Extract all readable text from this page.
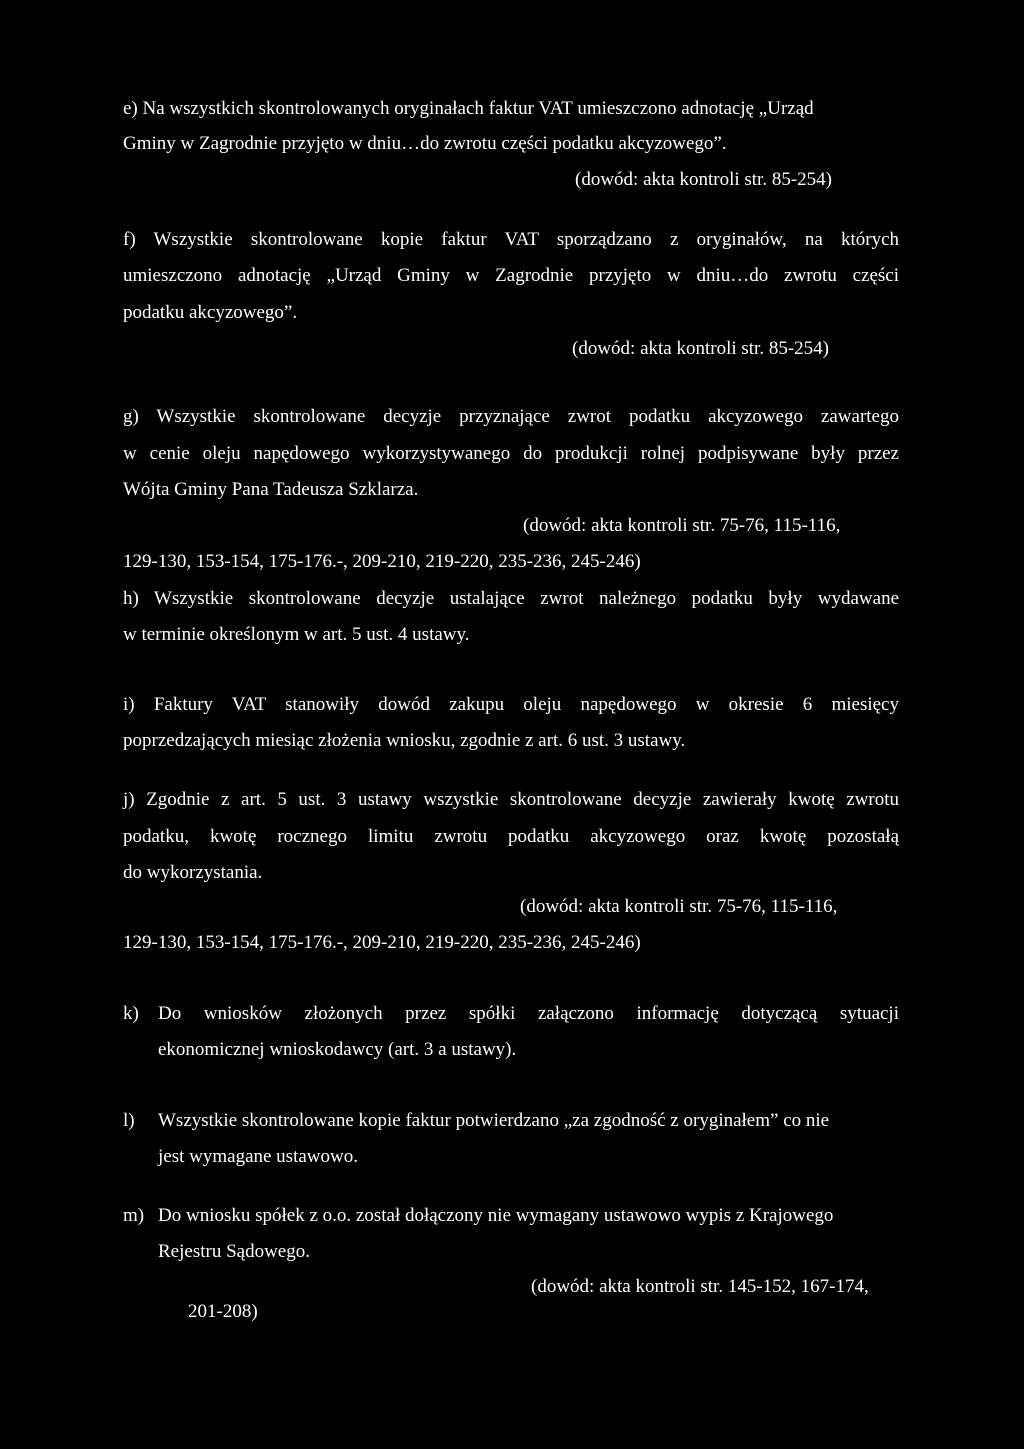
e) Na wszystkich skontrolowanych oryginałach faktur VAT umieszczono adnotację „Urząd
Gminy w Zagrodnie przyjęto w dniu…do zwrotu części podatku akcyzowego”.
(dowód: akta kontroli str. 85-254)
f) Wszystkie skontrolowane kopie faktur VAT sporządzano z oryginałów, na których
umieszczono adnotację „Urząd Gminy w Zagrodnie przyjęto w dniu…do zwrotu części
podatku akcyzowego”.
(dowód: akta kontroli str. 85-254)
g) Wszystkie skontrolowane decyzje przyznające zwrot podatku akcyzowego zawartego
w cenie oleju napędowego wykorzystywanego do produkcji rolnej podpisywane były przez
Wójta Gminy Pana Tadeusza Szklarza.
(dowód: akta kontroli str. 75-76, 115-116,
129-130, 153-154, 175-176.-, 209-210, 219-220, 235-236, 245-246)
h) Wszystkie skontrolowane decyzje ustalające zwrot należnego podatku były wydawane
w terminie określonym w art. 5 ust. 4 ustawy.
i) Faktury VAT stanowiły dowód zakupu oleju napędowego w okresie 6 miesięcy
poprzedzających miesiąc złożenia wniosku, zgodnie z art. 6 ust. 3 ustawy.
j) Zgodnie z art. 5 ust. 3 ustawy wszystkie skontrolowane decyzje zawierały kwotę zwrotu
podatku, kwotę rocznego limitu zwrotu podatku akcyzowego oraz kwotę pozostałą
do wykorzystania.
(dowód: akta kontroli str. 75-76, 115-116,
129-130, 153-154, 175-176.-, 209-210, 219-220, 235-236, 245-246)
k) Do wniosków złożonych przez spółki załączono informację dotyczącą sytuacji
ekonomicznej wnioskodawcy (art. 3 a ustawy).
l) Wszystkie skontrolowane kopie faktur potwierdzano „za zgodność z oryginałem” co nie
jest wymagane ustawowo.
m) Do wniosku spółek z o.o. został dołączony nie wymagany ustawowo wypis z Krajowego
Rejestru Sądowego.
(dowód: akta kontroli str. 145-152, 167-174,
201-208)
